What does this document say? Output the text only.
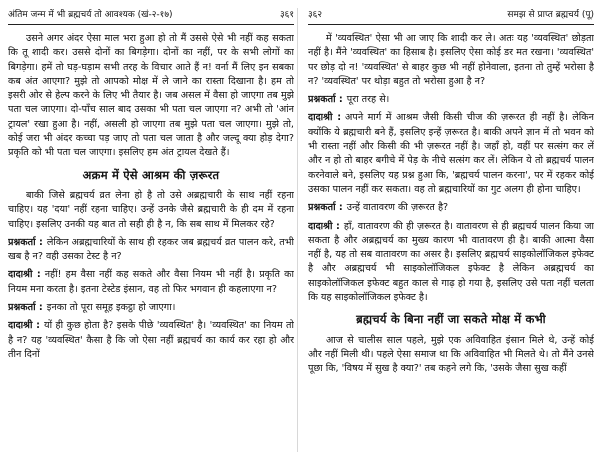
अंतिम जन्म में भी ब्रह्मचर्य तो आवश्यक (खं-२-१७)	३६१

उसने अगर अंदर ऐसा माल भरा हुआ हो तो मैं उससे ऐसे भी नहीं कह सकता कि तू शादी कर। उससे दोनों का बिगड़ेगा। दोनों का नहीं, पर के सभी लोगों का बिगड़ेगा। हमें तो घड़-घड़ाम सभी तरह के विचार आते हैं न! वर्ना मैं लिए इन सबका कब अंत आएगा? मुझे तो आपको मोक्ष में ले जाने का रास्ता दिखाना है। हम तो इसरी ओर से हेल्प करने के लिए भी तैयार है। जब असल में वैसा हो जाएगा तब मुझे पता चल जाएगा। दो-पाँच साल बाद उसका भी पता चल जाएगा न? अभी तो 'आंन ट्रायल' रखा हुआ है। नहीं, असली हो जाएगा तब मुझे पता चल जाएगा। मुझे तो, कोई जरा भी अंदर कच्चा पड़ जाए तो पता चल जाता है और जल्दू क्या होड़ देगा? प्रकृति को भी पता चल जाएगा। इसलिए हम अंत ट्रायल देखते हैं।

अक्रम में ऐसे आश्रम की ज़रूरत

बाकी जिसे ब्रह्मचर्य व्रत लेना हो है तो उसे अब्रह्मचारी के साथ नहीं रहना चाहिए। यह 'दया' नहीं रहना चाहिए। उन्हें उनके जैसे ब्रह्मचारी के ही दम में रहना चाहिए। इसलिए उनकी यह बात तो सही ही है न, कि सब साथ में मिलकर रहे?

प्रश्नकर्ता : लेकिन अब्रह्मचारियों के साथ ही रहकर जब ब्रह्मचर्य व्रत पालन करे, तभी खब है न? वही उसका टेस्ट है न?

दादाश्री : नहीं! हम वैसा नहीं कह सकते और वैसा नियम भी नहीं है। प्रकृति का नियम मना करता है। इतना टेस्टेड इंसान, वह तो फिर भगवान ही कहलाएगा न?

प्रश्नकर्ता : इनका तो पूरा समूह इकट्ठा हो जाएगा।

दादाश्री : यों ही कुछ होता है? इसके पीछे 'व्यवस्थित' है। 'व्यवस्थित' का नियम तो है न? यह 'व्यवस्थित' कैसा है कि जो ऐसा नहीं ब्रह्मचर्य का कार्य कर रहा हो और तीन दिनों

३६२	समझ से प्राप्त ब्रह्मचर्य (पू)

में 'व्यवस्थित' ऐसा भी आ जाए कि शादी कर ले। अतः यह 'व्यवस्थित' छोड़ता नहीं है। मैंने 'व्यवस्थित' का हिसाब है। इसलिए ऐसा कोई डर मत रखना। 'व्यवस्थित' पर छोड़ दो न! 'व्यवस्थित' से बाहर कुछ भी नहीं होनेवाला, इतना तो तुम्हें भरोसा है न? 'व्यवस्थित' पर थोड़ा बहुत तो भरोसा हुआ है न?

प्रश्नकर्ता : पूरा तरह से।

दादाश्री : अपने मार्ग में आश्रम जैसी किसी चीज की ज़रूरत ही नहीं है। लेकिन क्योंकि ये ब्रह्मचारी बने हैं, इसलिए इन्हें ज़रूरत है। बाकी अपने ज्ञान में तो भवन को भी रास्ता नहीं और किसी की भी ज़रूरत नहीं है। जहाँ हो, वहीं पर सत्संग कर लें और न हो तो बाहर बगीचे में पेड़ के नीचे सत्संग कर लें। लेकिन ये तो ब्रह्मचर्य पालन करनेवाले बने, इसलिए यह प्रश्न हुआ कि, 'ब्रह्मचर्य पालन करना', पर में रहकर कोई उसका पालन नहीं कर सकता। वह तो ब्रह्मचारियों का गुट अलग ही होना चाहिए।

प्रश्नकर्ता : उन्हें वातावरण की ज़रूरत है?

दादाश्री : हाँ, वातावरण की ही ज़रूरत है। वातावरण से ही ब्रह्मचर्य पालन किया जा सकता है और अब्रह्मचर्य का मुख्य कारण भी वातावरण ही है। बाकी आत्मा वैसा नहीं है, यह तो सब वातावरण का असर है। इसलिए ब्रह्मचर्य साइकोलॉजिकल इफेक्ट है और अब्रह्मचर्य भी साइकोलॉजिकल इफेक्ट है लेकिन अब्रह्मचर्य का साइकोलॉजिकल इफेक्ट बहुत काल से गाढ़ हो गया है, इसलिए उसे पता नहीं चलता कि यह साइकोलॉजिकल इफेक्ट है।

ब्रह्मचर्य के बिना नहीं जा सकते मोक्ष में कभी

आज से चालीस साल पहले, मुझे एक अविवाहित इंसान मिले थे, उन्हें कोई और नहीं मिली थी। पहले ऐसा समाज था कि अविवाहित भी मिलते थे। तो मैंने उनसे पूछा कि, 'विषय में सुख है क्या?' तब कहने लगे कि, 'उसके जैसा सुख कहीं
